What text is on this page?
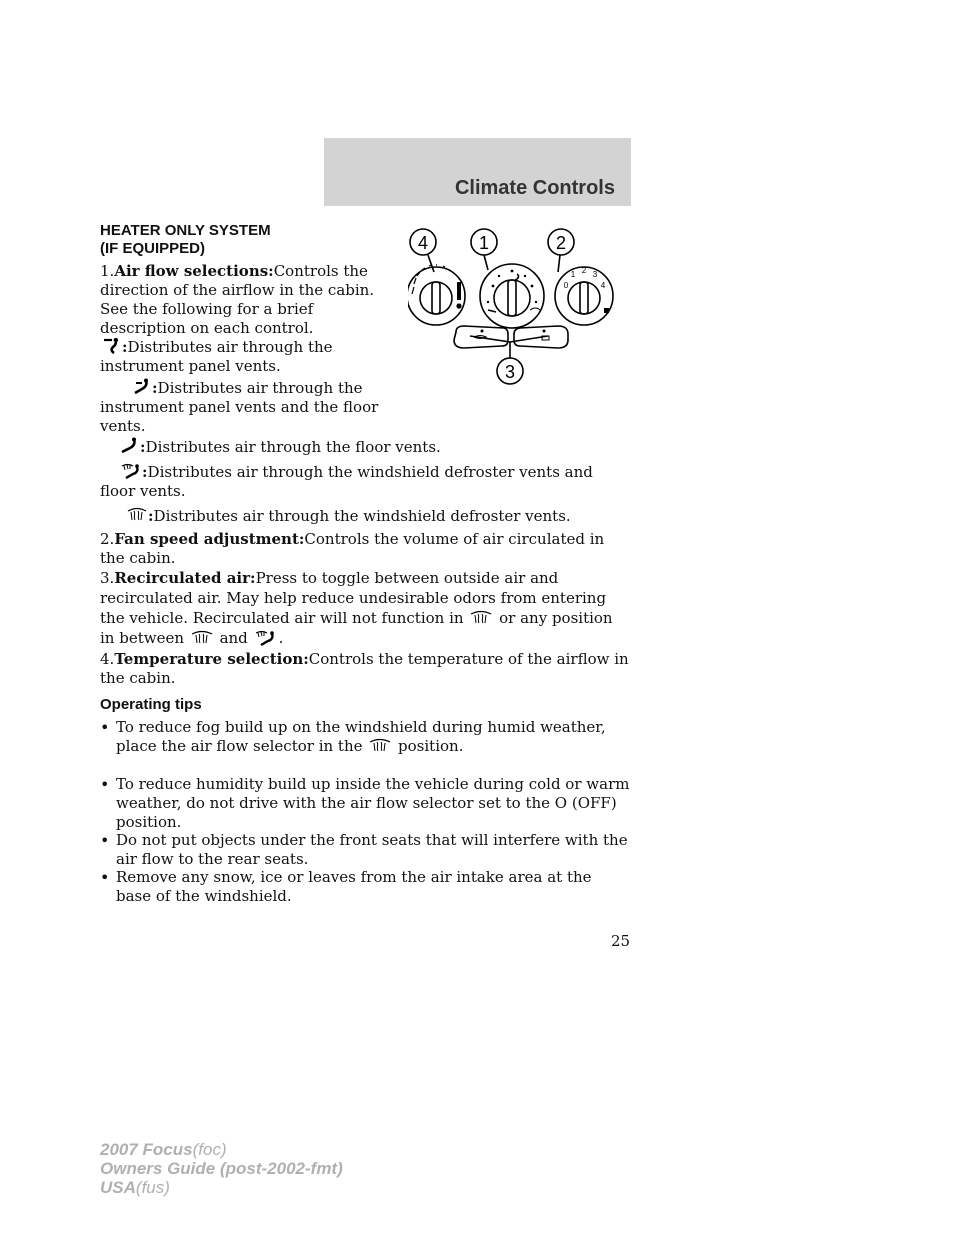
Climate Controls
HEATER ONLY SYSTEM
(IF EQUIPPED)

1.Air flow selections:Controls the direction of the airflow in the cabin. See the following for a brief description on each control.

:Distributes air through the instrument panel vents.

:Distributes air through the instrument panel vents and the floor vents.

:Distributes air through the floor vents.

:Distributes air through the windshield defroster vents and floor vents.

:Distributes air through the windshield defroster vents.

2.Fan speed adjustment:Controls the volume of air circulated in the cabin.

3.Recirculated air:Press to toggle between outside air and recirculated air. May help reduce undesirable odors from entering the vehicle. Recirculated air will not function in or any position in between and .

4.Temperature selection:Controls the temperature of the airflow in the cabin.

Operating tips
• To reduce fog build up on the windshield during humid weather, place the air flow selector in the position.
• To reduce humidity build up inside the vehicle during cold or warm weather, do not drive with the air flow selector set to the O (OFF) position.
• Do not put objects under the front seats that will interfere with the air flow to the rear seats.
• Remove any snow, ice or leaves from the air intake area at the base of the windshield.
4	1	2
3
0
1 2 3
4
25
2007 Focus(foc)
Owners Guide (post-2002-fmt)
USA(fus)
